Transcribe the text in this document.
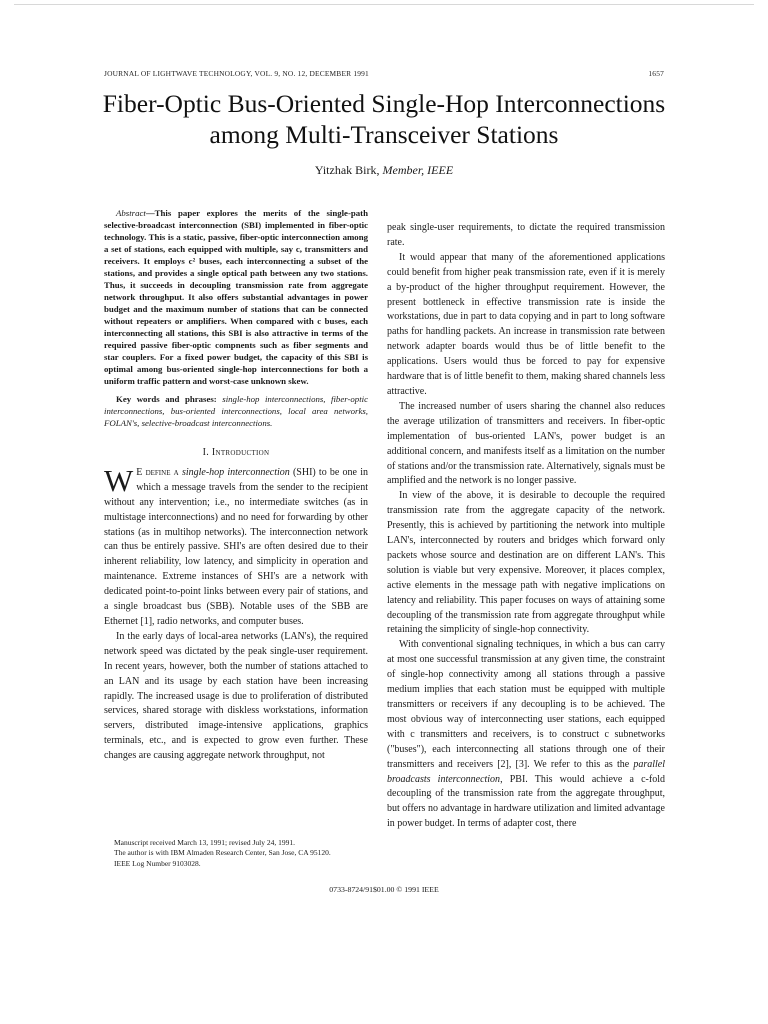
JOURNAL OF LIGHTWAVE TECHNOLOGY, VOL. 9, NO. 12, DECEMBER 1991	1657
Fiber-Optic Bus-Oriented Single-Hop Interconnections
among Multi-Transceiver Stations
Yitzhak Birk, Member, IEEE

Abstract—This paper explores the merits of the single-path selective-broadcast interconnection (SBI) implemented in fiber-optic technology. This is a static, passive, fiber-optic interconnection among a set of stations, each equipped with multiple, say c, transmitters and receivers. It employs c² buses, each interconnecting a subset of the stations, and provides a single optical path between any two stations. Thus, it succeeds in decoupling transmission rate from aggregate network throughput. It also offers substantial advantages in power budget and the maximum number of stations that can be connected without repeaters or amplifiers. When compared with c buses, each interconnecting all stations, this SBI is also attractive in terms of the required passive fiber-optic compnents such as fiber segments and star couplers. For a fixed power budget, the capacity of this SBI is optimal among bus-oriented single-hop interconnections for both a uniform traffic pattern and worst-case unknown skew.

Key words and phrases: single-hop interconnections, fiber-optic interconnections, bus-oriented interconnections, local area networks, FOLAN's, selective-broadcast interconnections.

I. Introduction

W E define a single-hop interconnection (SHI) to be one in which a message travels from the sender to the recipient without any intervention; i.e., no intermediate switches (as in multistage interconnections) and no need for forwarding by other stations (as in multihop networks). The interconnection network can thus be entirely passive. SHI's are often desired due to their inherent reliability, low latency, and simplicity in operation and maintenance. Extreme instances of SHI's are a network with dedicated point-to-point links between every pair of stations, and a single broadcast bus (SBB). Notable uses of the SBB are Ethernet [1], radio networks, and computer buses.

In the early days of local-area networks (LAN's), the required network speed was dictated by the peak single-user requirement. In recent years, however, both the number of stations attached to an LAN and its usage by each station have been increasing rapidly. The increased usage is due to proliferation of distributed services, shared storage with diskless workstations, information servers, distributed image-intensive applications, graphics terminals, etc., and is expected to grow even further. These changes are causing aggregate network throughput, not

peak single-user requirements, to dictate the required transmission rate.

It would appear that many of the aforementioned applications could benefit from higher peak transmission rate, even if it is merely a by-product of the higher throughput requirement. However, the present bottleneck in effective transmission rate is inside the workstations, due in part to data copying and in part to long software paths for handling packets. An increase in transmission rate between network adapter boards would thus be of little benefit to the applications. Users would thus be forced to pay for expensive hardware that is of little benefit to them, making shared channels less attractive.

The increased number of users sharing the channel also reduces the average utilization of transmitters and receivers. In fiber-optic implementation of bus-oriented LAN's, power budget is an additional concern, and manifests itself as a limitation on the number of stations and/or the transmission rate. Alternatively, signals must be amplified and the network is no longer passive.

In view of the above, it is desirable to decouple the required transmission rate from the aggregate capacity of the network. Presently, this is achieved by partitioning the network into multiple LAN's, interconnected by routers and bridges which forward only packets whose source and destination are on different LAN's. This solution is viable but very expensive. Moreover, it places complex, active elements in the message path with negative implications on latency and reliability. This paper focuses on ways of attaining some decoupling of the transmission rate from aggregate throughput while retaining the simplicity of single-hop connectivity.

With conventional signaling techniques, in which a bus can carry at most one successful transmission at any given time, the constraint of single-hop connectivity among all stations through a passive medium implies that each station must be equipped with multiple transmitters or receivers if any decoupling is to be achieved. The most obvious way of interconnecting user stations, each equipped with c transmitters and receivers, is to construct c subnetworks ("buses"), each interconnecting all stations through one of their transmitters and receivers [2], [3]. We refer to this as the parallel broadcasts interconnection, PBI. This would achieve a c-fold decoupling of the transmission rate from the aggregate throughput, but offers no advantage in hardware utilization and limited advantage in power budget. In terms of adapter cost, there

Manuscript received March 13, 1991; revised July 24, 1991.

The author is with IBM Almaden Research Center, San Jose, CA 95120.

IEEE Log Number 9103028.

0733-8724/91$01.00 © 1991 IEEE
